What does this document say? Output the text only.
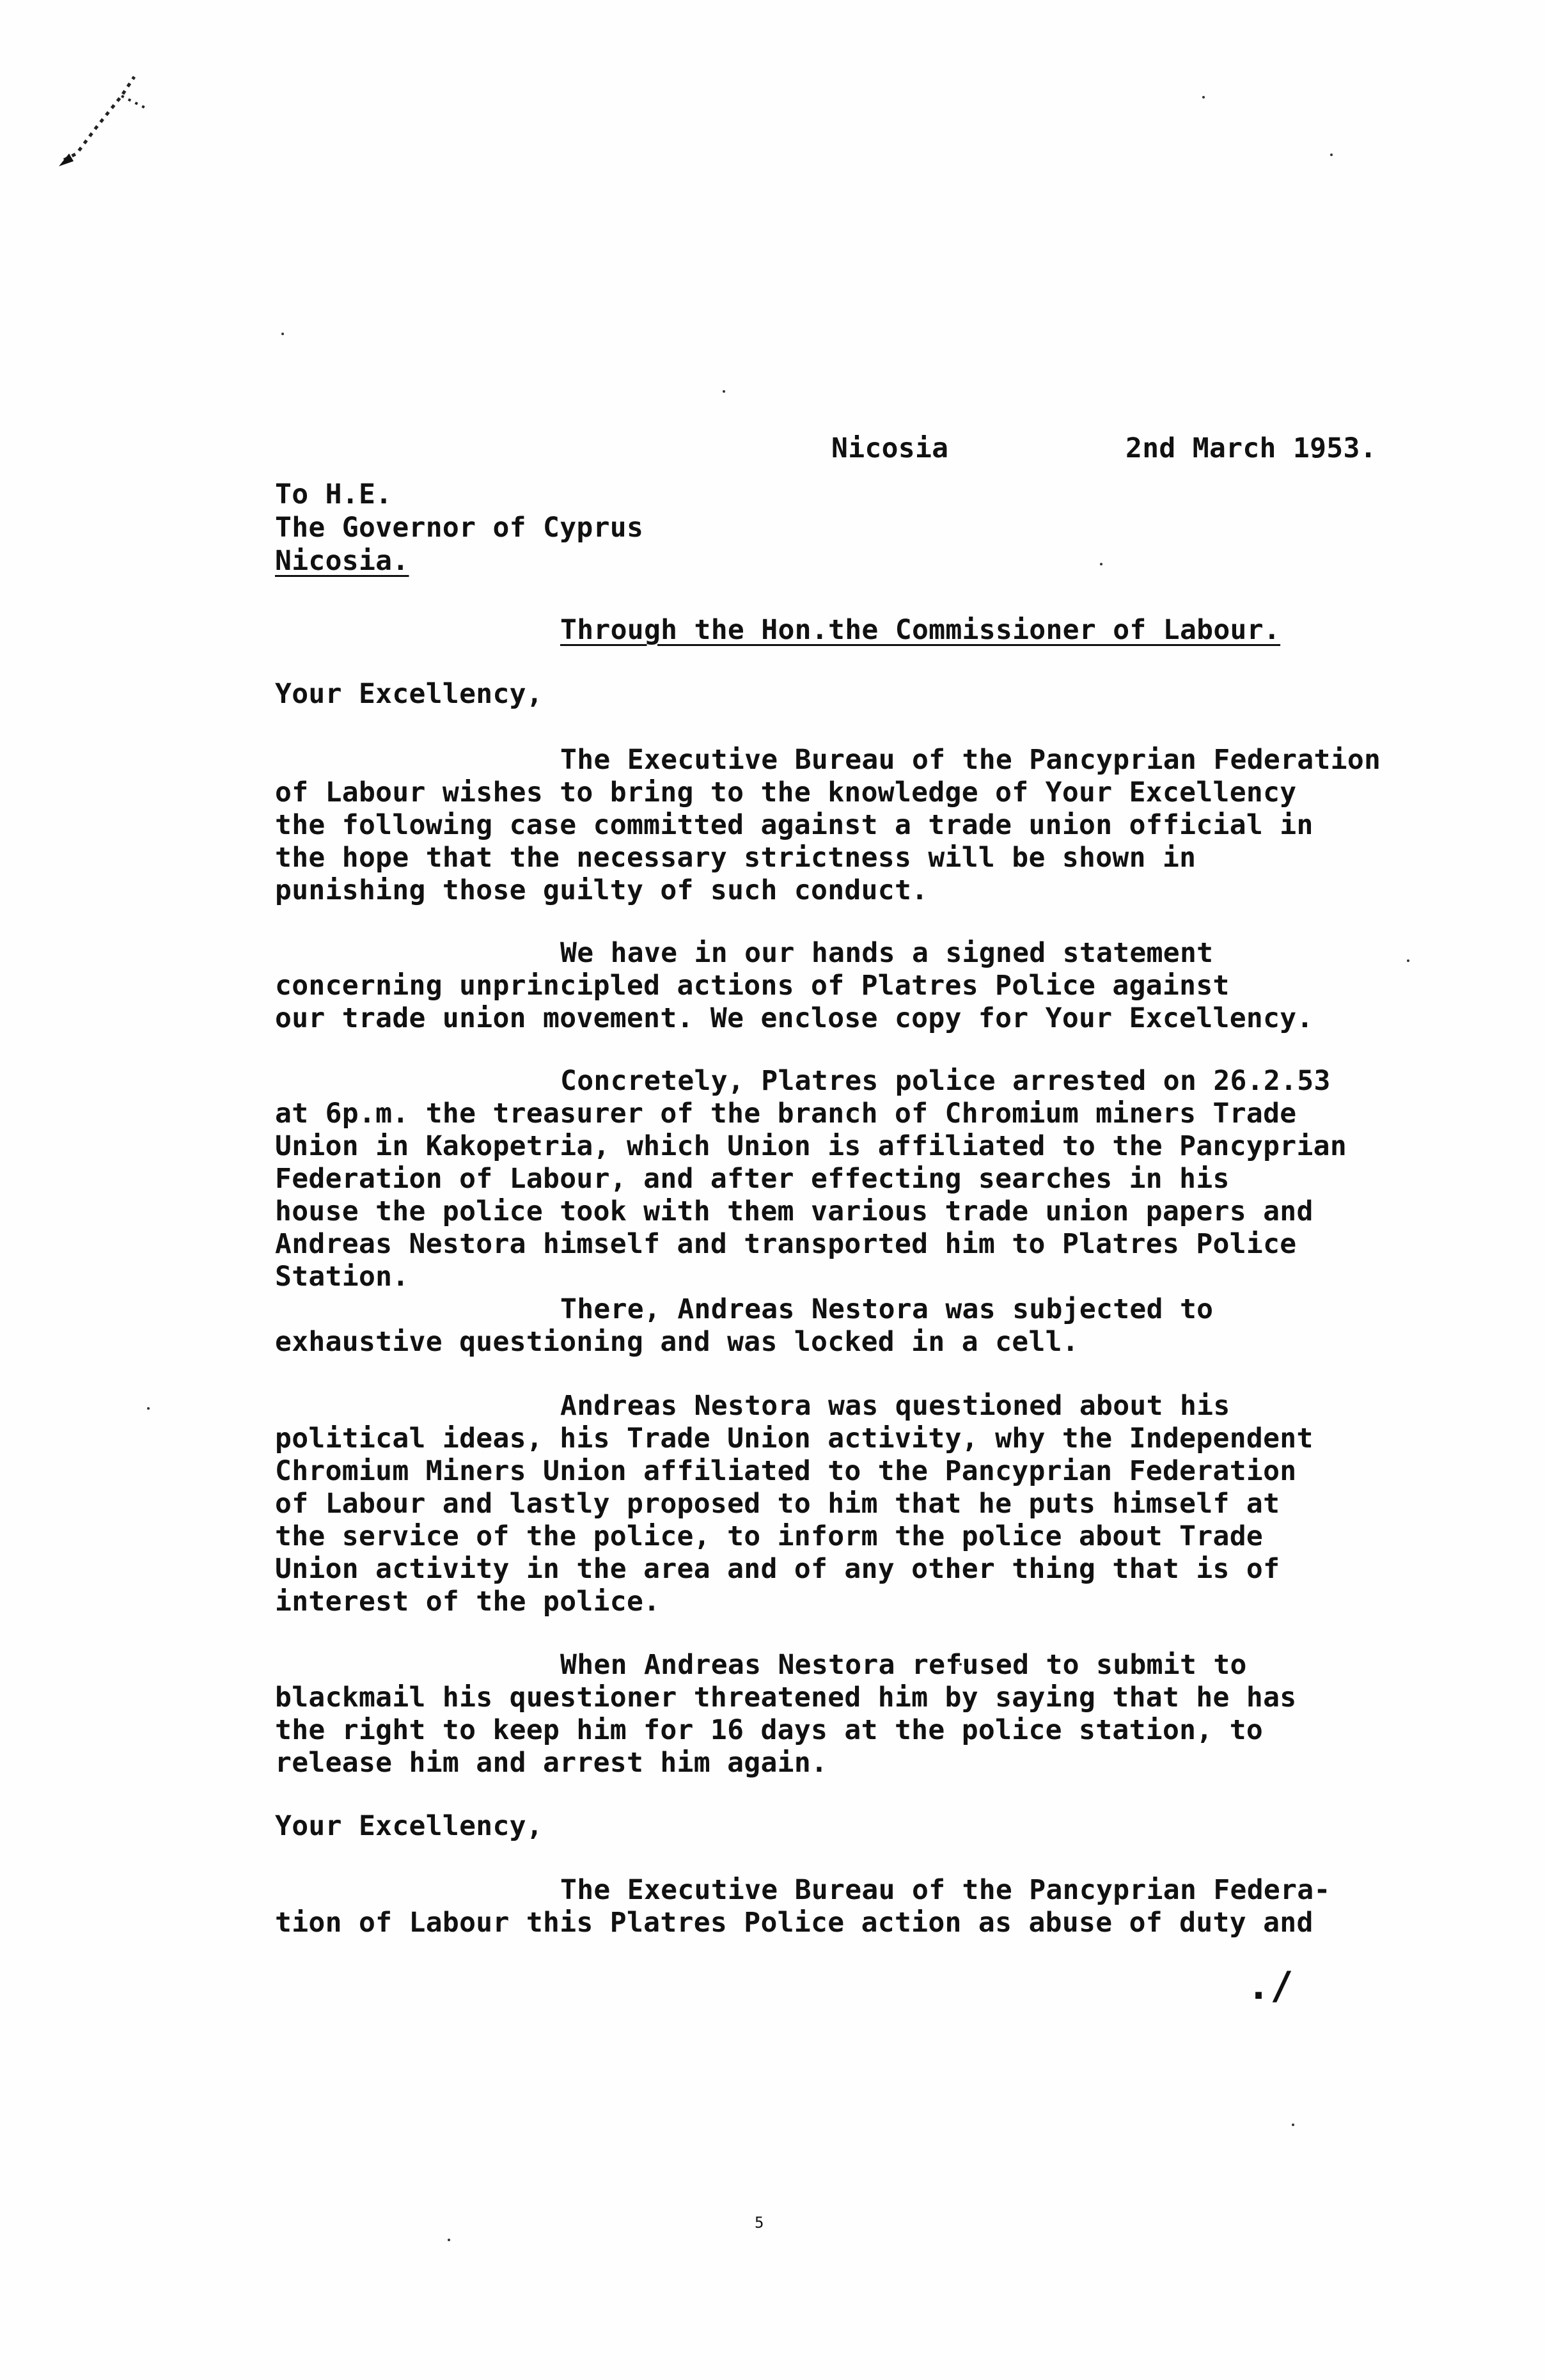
Nicosia	2nd March 1953.
To H.E.
The Governor of Cyprus
Nicosia.
Through the Hon.the Commissioner of Labour.
Your Excellency,
The Executive Bureau of the Pancyprian Federation
of Labour wishes to bring to the knowledge of Your Excellency
the following case committed against a trade union official in
the hope that the necessary strictness will be shown in
punishing those guilty of such conduct.
We have in our hands a signed statement
concerning unprincipled actions of Platres Police against
our trade union movement. We enclose copy for Your Excellency.
Concretely, Platres police arrested on 26.2.53
at 6p.m. the treasurer of the branch of Chromium miners Trade
Union in Kakopetria, which Union is affiliated to the Pancyprian
Federation of Labour, and after effecting searches in his
house the police took with them various trade union papers and
Andreas Nestora himself and transported him to Platres Police
Station.
There, Andreas Nestora was subjected to
exhaustive questioning and was locked in a cell.
Andreas Nestora was questioned about his
political ideas, his Trade Union activity, why the Independent
Chromium Miners Union affiliated to the Pancyprian Federation
of Labour and lastly proposed to him that he puts himself at
the service of the police, to inform the police about Trade
Union activity in the area and of any other thing that is of
interest of the police.
When Andreas Nestora refused to submit to
blackmail his questioner threatened him by saying that he has
the right to keep him for 16 days at the police station, to
release him and arrest him again.
Your Excellency,
The Executive Bureau of the Pancyprian Federa-
tion of Labour this Platres Police action as abuse of duty and
./
5
